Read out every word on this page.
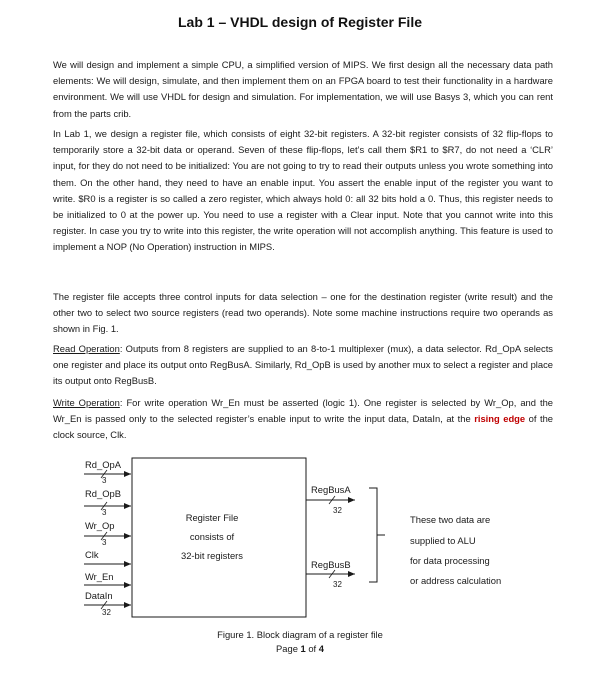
Lab 1 – VHDL design of Register File

We will design and implement a simple CPU, a simplified version of MIPS. We first design all the necessary data path elements: We will design, simulate, and then implement them on an FPGA board to test their functionality in a hardware environment. We will use VHDL for design and simulation. For implementation, we will use Basys 3, which you can rent from the parts crib.

In Lab 1, we design a register file, which consists of eight 32-bit registers. A 32-bit register consists of 32 flip-flops to temporarily store a 32-bit data or operand. Seven of these flip-flops, let’s call them $R1 to $R7, do not need a ‘CLR’ input, for they do not need to be initialized: You are not going to try to read their outputs unless you wrote something into them. On the other hand, they need to have an enable input. You assert the enable input of the register you want to write. $R0 is a register is so called a zero register, which always hold 0: all 32 bits hold a 0. Thus, this register needs to be initialized to 0 at the power up. You need to use a register with a Clear input. Note that you cannot write into this register. In case you try to write into this register, the write operation will not accomplish anything. This feature is used to implement a NOP (No Operation) instruction in MIPS.

The register file accepts three control inputs for data selection – one for the destination register (write result) and the other two to select two source registers (read two operands). Note some machine instructions require two operands as shown in Fig. 1.

Read Operation: Outputs from 8 registers are supplied to an 8-to-1 multiplexer (mux), a data selector. Rd_OpA selects one register and place its output onto RegBusA. Similarly, Rd_OpB is used by another mux to select a register and place its output onto RegBusB.

Write Operation: For write operation Wr_En must be asserted (logic 1). One register is selected by Wr_Op, and the Wr_En is passed only to the selected register’s enable input to write the input data, DataIn, at the rising edge of the clock source, Clk.

Register File
consists of
32-bit registers
Rd_OpA
3
Rd_OpB
3
Wr_Op
3
Clk
Wr_En
DataIn
32
RegBusA
32
RegBusB
32
These two data are
supplied to ALU
for data processing
or address calculation
Figure 1. Block diagram of a register file
Page 1 of 4
